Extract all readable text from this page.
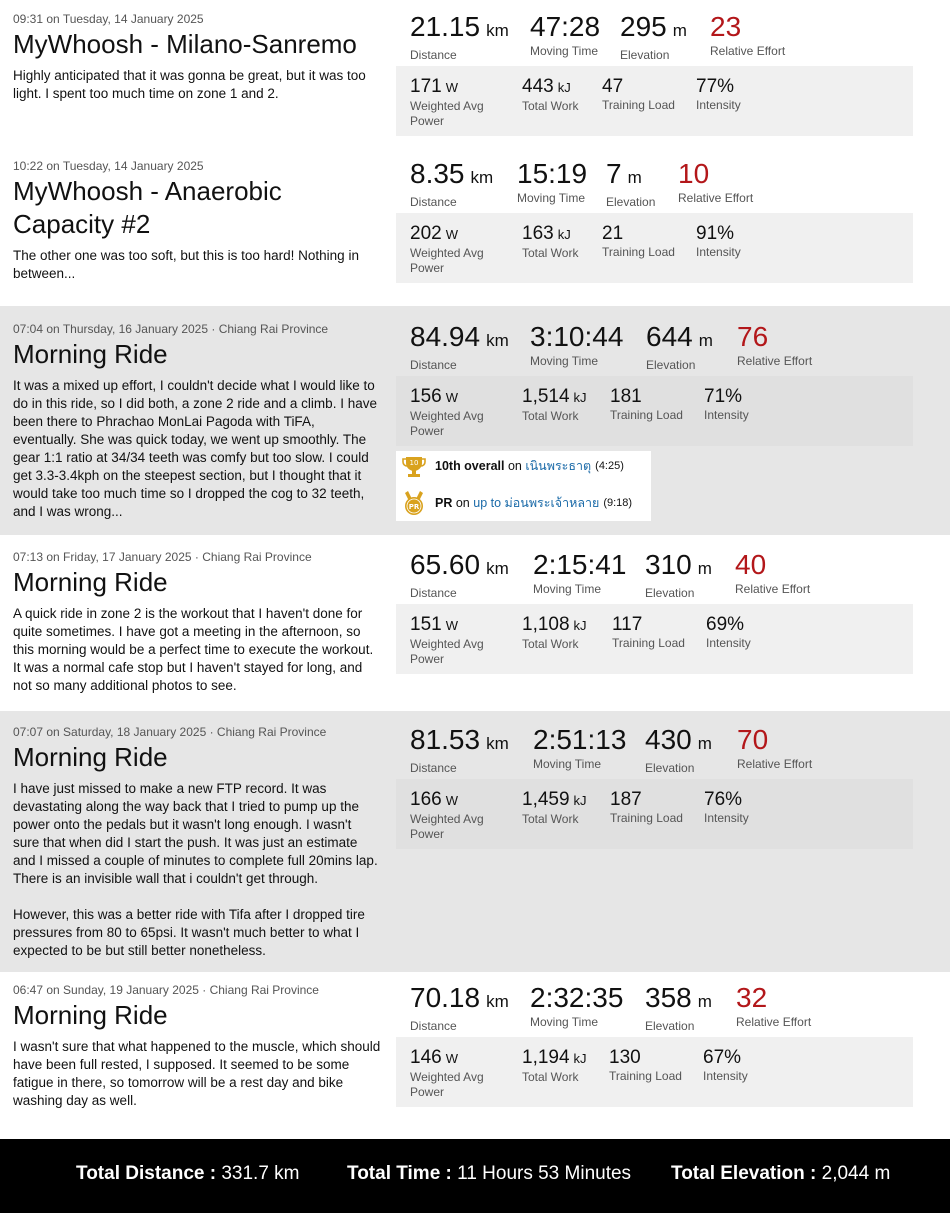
09:31 on Tuesday, 14 January 2025
MyWhoosh - Milano-Sanremo

Highly anticipated that it was gonna be great, but it was too light. I spent too much time on zone 1 and 2.

21.15 km
Distance
47:28
Moving Time
295 m
Elevation
23
Relative Effort
171 W
Weighted Avg Power
443 kJ
Total Work
47
Training Load
77%
Intensity
10:22 on Tuesday, 14 January 2025
MyWhoosh - Anaerobic Capacity #2

The other one was too soft, but this is too hard! Nothing in between...

8.35 km
Distance
15:19
Moving Time
7 m
Elevation
10
Relative Effort
202 W
Weighted Avg Power
163 kJ
Total Work
21
Training Load
91%
Intensity
07:04 on Thursday, 16 January 2025 · Chiang Rai Province
Morning Ride

It was a mixed up effort, I couldn't decide what I would like to do in this ride, so I did both, a zone 2 ride and a climb. I have been there to Phrachao MonLai Pagoda with TiFA, eventually. She was quick today, we went up smoothly. The gear 1:1 ratio at 34/34 teeth was comfy but too slow. I could get 3.3-3.4kph on the steepest section, but I thought that it would take too much time so I dropped the cog to 32 teeth, and I was wrong...

84.94 km
Distance
3:10:44
Moving Time
644 m
Elevation
76
Relative Effort
156 W
Weighted Avg Power
1,514 kJ
Total Work
181
Training Load
71%
Intensity
10 10th overall
on
เนินพระธาตุ (4:25)
PR PR
on
up to ม่อนพระเจ้าหลาย (9:18)
07:13 on Friday, 17 January 2025 · Chiang Rai Province
Morning Ride

A quick ride in zone 2 is the workout that I haven't done for quite sometimes. I have got a meeting in the afternoon, so this morning would be a perfect time to execute the workout. It was a normal cafe stop but I haven't stayed for long, and not so many additional photos to see.

65.60 km
Distance
2:15:41
Moving Time
310 m
Elevation
40
Relative Effort
151 W
Weighted Avg Power
1,108 kJ
Total Work
117
Training Load
69%
Intensity
07:07 on Saturday, 18 January 2025 · Chiang Rai Province
Morning Ride

I have just missed to make a new FTP record. It was devastating along the way back that I tried to pump up the power onto the pedals but it wasn't long enough. I wasn't sure that when did I start the push. It was just an estimate and I missed a couple of minutes to complete full 20mins lap. There is an invisible wall that i couldn't get through.

However, this was a better ride with Tifa after I dropped tire pressures from 80 to 65psi. It wasn't much better to what I expected to be but still better nonetheless.

81.53 km
Distance
2:51:13
Moving Time
430 m
Elevation
70
Relative Effort
166 W
Weighted Avg Power
1,459 kJ
Total Work
187
Training Load
76%
Intensity
06:47 on Sunday, 19 January 2025 · Chiang Rai Province
Morning Ride

I wasn't sure that what happened to the muscle, which should have been full rested, I supposed. It seemed to be some fatigue in there, so tomorrow will be a rest day and bike washing day as well.

70.18 km
Distance
2:32:35
Moving Time
358 m
Elevation
32
Relative Effort
146 W
Weighted Avg Power
1,194 kJ
Total Work
130
Training Load
67%
Intensity
Total Distance : 331.7 km	Total Time : 11 Hours 53 Minutes Total Elevation : 2,044 m
